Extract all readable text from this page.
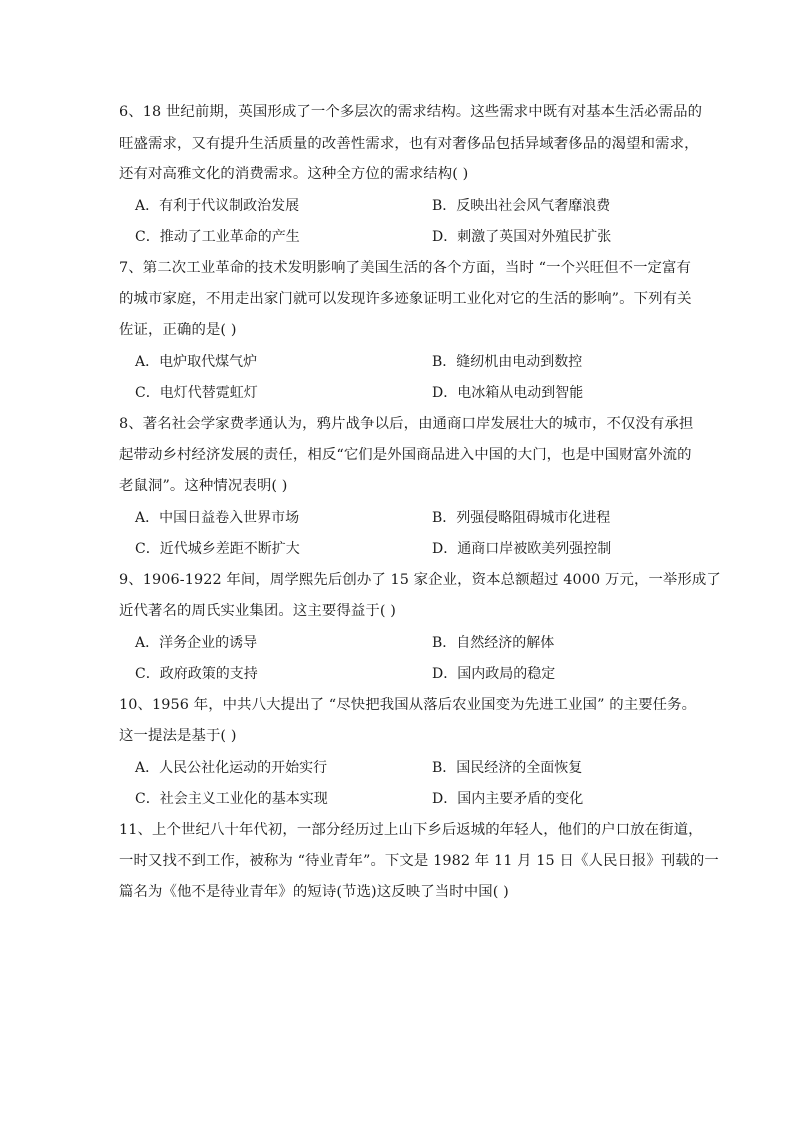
6、18 世纪前期，英国形成了一个多层次的需求结构。这些需求中既有对基本生活必需品的
旺盛需求，又有提升生活质量的改善性需求，也有对奢侈品包括异域奢侈品的渴望和需求，
还有对高雅文化的消费需求。这种全方位的需求结构( )
A．有利于代议制政治发展	B．反映出社会风气奢靡浪费
C．推动了工业革命的产生	D．刺激了英国对外殖民扩张
7、第二次工业革命的技术发明影响了美国生活的各个方面，当时 “一个兴旺但不一定富有
的城市家庭，不用走出家门就可以发现许多迹象证明工业化对它的生活的影响”。下列有关
佐证，正确的是( )
A．电炉取代煤气炉	B．缝纫机由电动到数控
C．电灯代替霓虹灯	D．电冰箱从电动到智能
8、著名社会学家费孝通认为，鸦片战争以后，由通商口岸发展壮大的城市，不仅没有承担
起带动乡村经济发展的责任，相反“它们是外国商品进入中国的大门，也是中国财富外流的
老鼠洞”。这种情况表明( )
A．中国日益卷入世界市场	B．列强侵略阻碍城市化进程
C．近代城乡差距不断扩大	D．通商口岸被欧美列强控制
9、1906-1922 年间，周学熙先后创办了 15 家企业，资本总额超过 4000 万元，一举形成了
近代著名的周氏实业集团。这主要得益于( )
A．洋务企业的诱导	B．自然经济的解体
C．政府政策的支持	D．国内政局的稳定
10、1956 年，中共八大提出了 “尽快把我国从落后农业国变为先进工业国” 的主要任务。
这一提法是基于( )
A．人民公社化运动的开始实行	B．国民经济的全面恢复
C．社会主义工业化的基本实现	D．国内主要矛盾的变化
11、上个世纪八十年代初，一部分经历过上山下乡后返城的年轻人，他们的户口放在街道，
一时又找不到工作，被称为 “待业青年”。下文是 1982 年 11 月 15 日《人民日报》刊载的一
篇名为《他不是待业青年》的短诗(节选)这反映了当时中国( )
